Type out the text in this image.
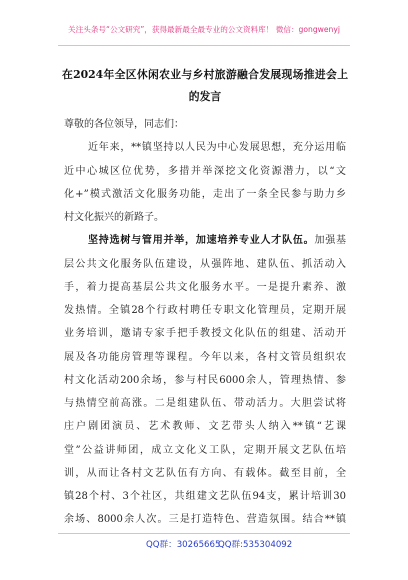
关注头条号“公文研究”，获得最新最全最专业的公文资料库！ 微信：gongwenyj
在2024年全区休闲农业与乡村旅游融合发展现场推进会上
的发言
尊敬的各位领导，同志们：
近年来，**镇坚持以人民为中心发展思想，充分运用临
近中心城区位优势，多措并举深挖文化资源潜力，以“文
化+”模式激活文化服务功能，走出了一条全民参与助力乡
村文化振兴的新路子。
坚持选树与管用并举，加速培养专业人才队伍。加强基
层公共文化服务队伍建设，从强阵地、建队伍、抓活动入
手，着力提高基层公共文化服务水平。一是提升素养、激
发热情。全镇28个行政村聘任专职文化管理员，定期开展
业务培训，邀请专家手把手教授文化队伍的组建、活动开
展及各功能房管理等课程。今年以来，各村文管员组织农
村文化活动200余场，参与村民6000余人，管理热情、参
与热情空前高涨。二是组建队伍、带动活力。大胆尝试将
庄户剧团演员、艺术教师、文艺带头人纳入**镇“艺课
堂”公益讲师团，成立文化义工队，定期开展文艺队伍培
训，从而让各村文艺队伍有方向、有载体。截至目前，全
镇28个村、3个社区，共组建文艺队伍94支，累计培训30
余场、8000余人次。三是打造特色、营造氛围。结合**镇
QQ群：30265665
QQ群:535304092
